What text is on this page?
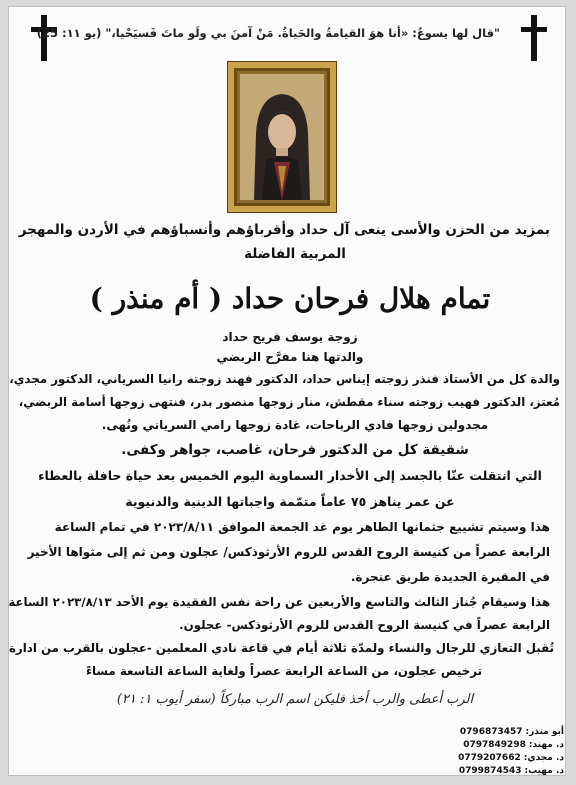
"قال لها يسوعُ: «أنا هوَ القيامةُ والحَياةُ. مَنْ آمنَ بي ولَو ماتَ فَسيَحْيا،" (يو ١١: 25)
بمزيد من الحزن والأسى ينعى آل حداد وأقرباؤهم وأنسباؤهم في الأردن والمهجر
المربية الفاضلة
تمام هلال فرحان حداد ( أم منذر )
زوجة يوسف فريح حداد
والدتها هنا مفرَّح الربضي
والدة كل من الأستاذ فنذر زوجته إيناس حداد، الدكتور فهند زوجته رانيا السرياني، الدكتور مجدي،
مُعتز، الدكتور فهيب زوجته سناء مقطش، منار زوجها منصور بدر، فنتهى زوجها أسامة الربضي،
مجدولين زوجها فادي الرباحات، غادة زوجها رامي السرياني ونُهى.
شقيقة كل من الدكتور فرحان، غاصب، جواهر وكفى.
التي انتقلت عنّا بالجسد إلى الأخدار السماوية اليوم الخميس بعد حياة حافلة بالعطاء
عن عمر يناهز ٧٥ عاماً متمّمة واجباتها الدينية والدنيوية
هذا وسيتم تشييع جثمانها الطاهر يوم غد الجمعة الموافق ٢٠٢٣/٨/١١ في تمام الساعة
الرابعة عصراً من كنيسة الروح القدس للروم الأرثوذكس/ عجلون ومن ثم إلى مثواها الأخير
في المقبرة الجديدة طريق عنجرة.
هذا وسيقام جُناز الثالث والتاسع والأربعين عن راحة نفس الفقيدة يوم الأحد ٢٠٢٣/٨/١٣ الساعة
الرابعة عصراً في كنيسة الروح القدس للروم الأرثوذكس- عجلون.
تُقبل التعازي للرجال والنساء ولمدّة ثلاثة أيام في قاعة نادي المعلمين -عجلون بالقرب من ادارة
ترخيص عجلون، من الساعة الرابعة عصراً ولغاية الساعة التاسعة مساءً
الرب أعطى والرب أخذ فليكن اسم الرب مباركاً (سفر أيوب ١: ٢١)
أبو منذر:
0796873457
د. مهند:
0797849298
د. مجدي:
0779207662
د. مهيب:
0799874543
